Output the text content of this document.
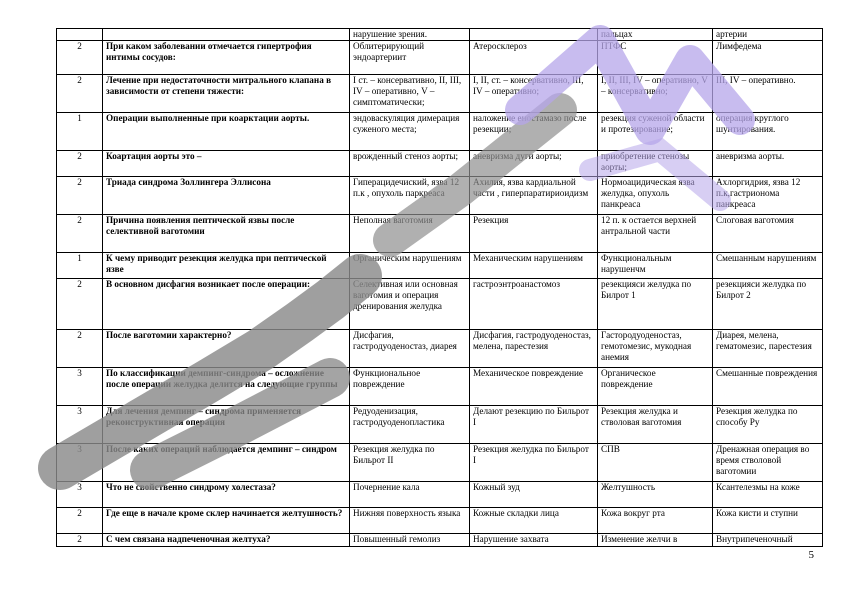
		нарушение зрения.		пальцах	артерии
2	При каком заболевании отмечается гипертрофия интимы сосудов:	Облитерирующий эндоартериит	Атеросклероз	ПТФС	Лимфедема
2	Лечение при недостаточности митрального клапана в зависимости от степени тяжести:	I ст. – консервативно, II, III, IV – оперативно, V – симптоматически;	I, II, ст. – консервативно, III, IV – оперативно;	I, II, III, IV – оперативно, V – консервативно;	III, IV – оперативно.
1	Операции выполненные при коарктации аорты.	эндоваскуляция димерация суженого места;	наложение еностамазо после резекции;	резекция суженой области и протезирование;	операция круглого шунтирования.
2	Коартация аорты это –	врожденный стеноз аорты;	аневризма дуги аорты;	приобретение стенозы аорты;	аневризма аорты.
2	Триада синдрома Золлингера Эллисона	Гиперацидечиский, язва 12 п.к , опухоль паркреаса	Ахилия, язва кардиальной части , гиперпаратириоидизм	Нормоацидическая язва желудка, опухоль панкреаса	Ахлоргидрия, язва 12 п.к,гастрионома панкреаса
2	Причина появления пептической язвы после селективной ваготомии	Неполная ваготомия	Резекция	12 п. к остается верхней антральной части	Слоговая ваготомия
1	К чему приводит резекция желудка при пептической язве	Органическим нарушениям	Механическим нарушениям	Функциональным нарушенчм	Смешанным нарушениям
2	В основном дисфагия возникает после операции:	Селективная или основная ваготомия и операция дренирования желудка	гастроэнтроанастомоз	резекцияси желудка по Билрот 1	резекцияси желудка по Билрот 2
2	После ваготомии характерно?	Дисфагия, гастродуоденостаз, диарея	Дисфагия, гастродуоденостаз, мелена, парестезия	Гастородуоденостаз, гемотомезис, мукодная анемия	Диарея, мелена, гематомезис, парестезия
3	По классификации демпинг-синдрома – осложнение после операции желудка делится на следующие группы	Функциональное повреждение	Механическое повреждение	Органическое повреждение	Смешанные повреждения
3	Для лечения демпинг – синдрома применяется рекоиструктивная операция	Редуоденизация, гастродуоденопластика	Делают резекцию по Бильрот I	Резекция желудка и стволовая ваготомия	Резекция желудка по способу Ру
3	После каких операций наблюдается демпинг – синдром	Резекция желудка по Бильрот II	Резекция желудка по Бильрот I	СПВ	Дренажная операция во время стволовой ваготомии
3	Что не свойственно синдрому холестаза?	Почернение кала	Кожный зуд	Желтушность	Ксантелезмы на коже
2	Где еще в начале кроме склер начинается желтушность?	Нижняя поверхность языка	Кожные складки лица	Кожа вокруг рта	Кожа кисти и ступни
2	С чем связана надпеченочная желтуха?	Повышенный гемолиз	Нарушение захвата	Изменение желчи в	Внутрипеченочный
5
